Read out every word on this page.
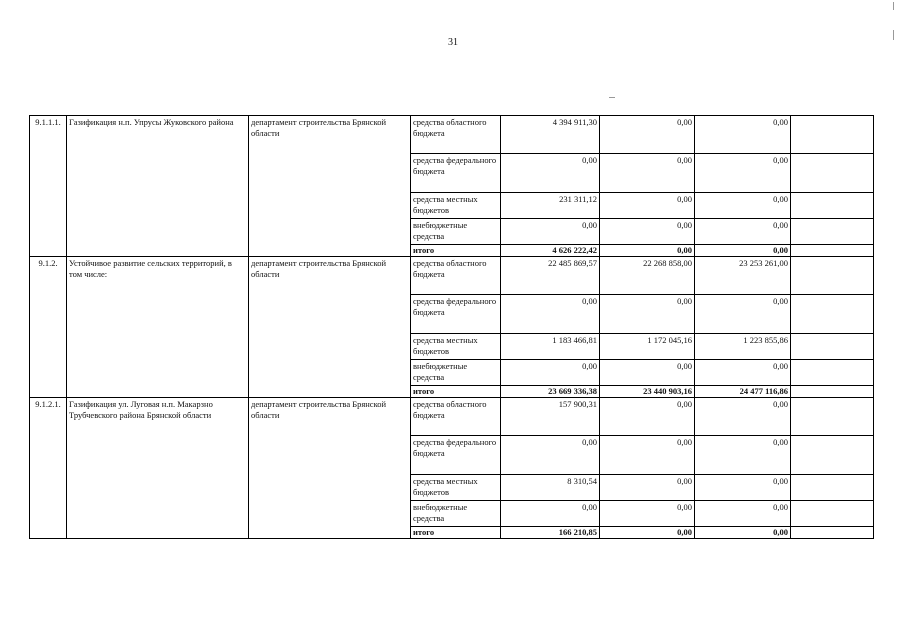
31
9.1.1.1.	Газификация н.п. Упрусы Жуковского района	департамент строительства Брянской области	средства областного бюджета	4 394 911,30	0,00	0,00	
			средства федерального бюджета	0,00	0,00	0,00	
			средства местных бюджетов	231 311,12	0,00	0,00	
			внебюджетные средства	0,00	0,00	0,00	
			итого	4 626 222,42	0,00	0,00	
9.1.2.	Устойчивое развитие сельских территорий, в том числе:	департамент строительства Брянской области	средства областного бюджета	22 485 869,57	22 268 858,00	23 253 261,00	
			средства федерального бюджета	0,00	0,00	0,00	
			средства местных бюджетов	1 183 466,81	1 172 045,16	1 223 855,86	
			внебюджетные средства	0,00	0,00	0,00	
			итого	23 669 336,38	23 440 903,16	24 477 116,86	
9.1.2.1.	Газификация ул. Луговая н.п. Макарзно Трубчевского района Брянской области	департамент строительства Брянской области	средства областного бюджета	157 900,31	0,00	0,00	
			средства федерального бюджета	0,00	0,00	0,00	
			средства местных бюджетов	8 310,54	0,00	0,00	
			внебюджетные средства	0,00	0,00	0,00	
			итого	166 210,85	0,00	0,00	
